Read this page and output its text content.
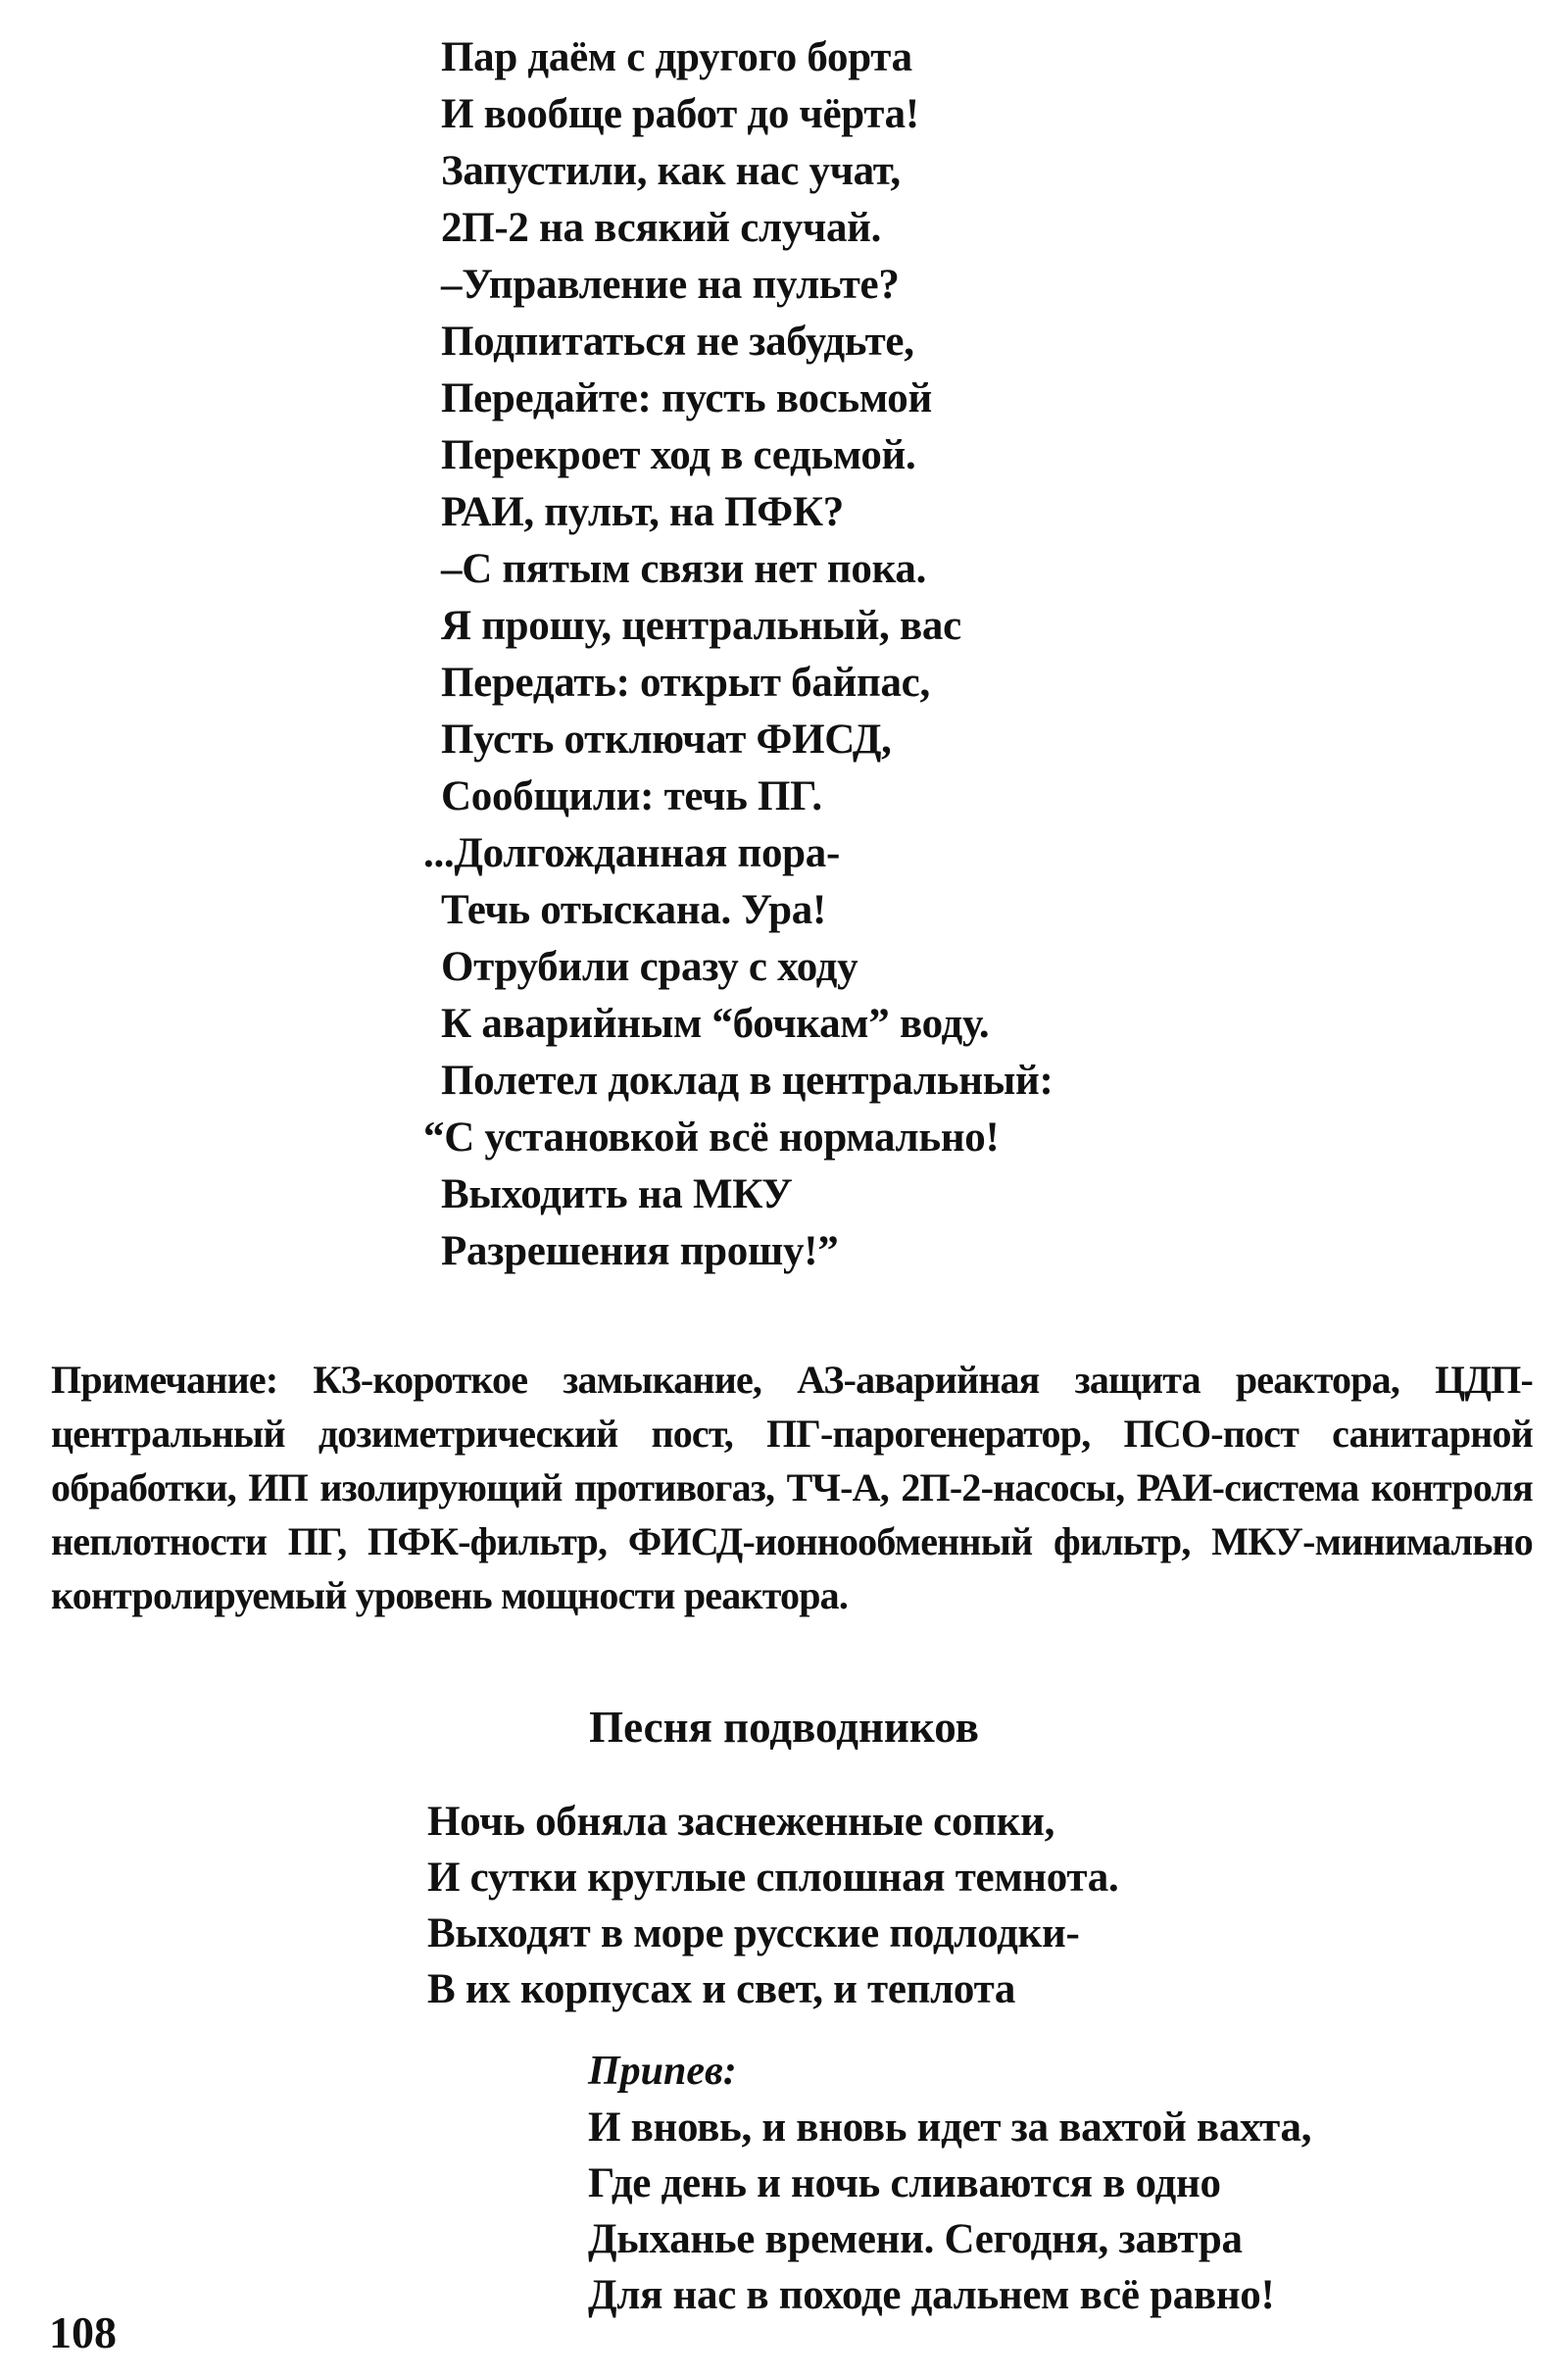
Пар даём с другого борта
И вообще работ до чёрта!
Запустили, как нас учат,
2П-2 на всякий случай.
–Управление на пульте?
Подпитаться не забудьте,
Передайте: пусть восьмой
Перекроет ход в седьмой.
РАИ, пульт, на ПФК?
–С пятым связи нет пока.
Я прошу, центральный, вас
Передать: открыт байпас,
Пусть отключат ФИСД,
Сообщили: течь ПГ.
...Долгожданная пора-
Течь отыскана. Ура!
Отрубили сразу с ходу
К аварийным “бочкам” воду.
Полетел доклад в центральный:
“С установкой всё нормально!
Выходить на МКУ
Разрешения прошу!”
Примечание: КЗ-короткое замыкание, АЗ-аварийная защита реактора, ЦДП-центральный дозиметрический пост, ПГ-парогенератор, ПСО-пост санитарной обработки, ИП изолирующий противогаз, ТЧ-А, 2П-2-насосы, РАИ-система контроля неплотности ПГ, ПФК-фильтр, ФИСД-ионнообменный фильтр, МКУ-минимально контролируемый уровень мощности реактора.
Песня подводников
Ночь обняла заснеженные сопки,
И сутки круглые сплошная темнота.
Выходят в море русские подлодки-
В их корпусах и свет, и теплота
Припев:
И вновь, и вновь идет за вахтой вахта,
Где день и ночь сливаются в одно
Дыханье времени. Сегодня, завтра
Для нас в походе дальнем всё равно!
108
